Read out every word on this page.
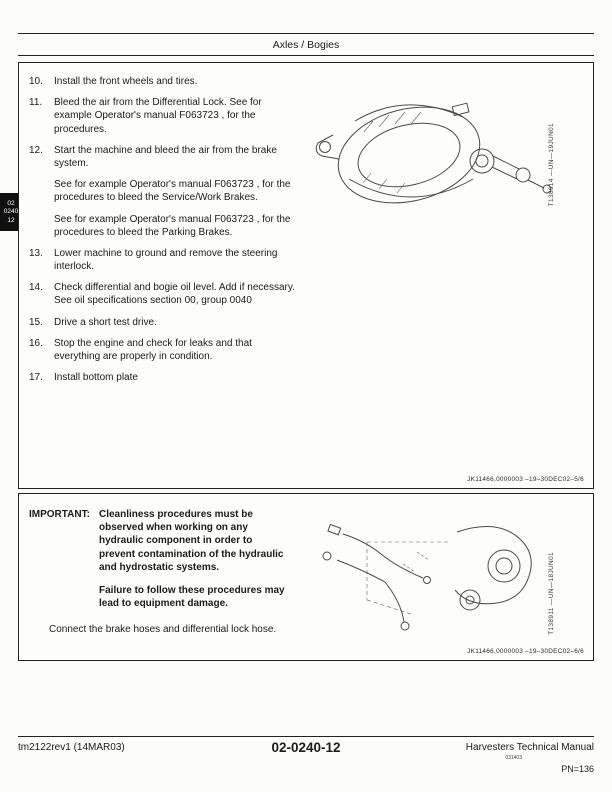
Axles / Bogies
02
0240
12
10.	Install the front wheels and tires.
11.	Bleed the air from the Differential Lock. See for example Operator's manual F063723 , for the procedures.
12.	Start the machine and bleed the air from the brake system.
See for example Operator's manual F063723 , for the procedures to bleed the Service/Work Brakes.
See for example Operator's manual F063723 , for the procedures to bleed the Parking Brakes.
13.	Lower machine to ground and remove the steering interlock.
14.	Check differential and bogie oil level. Add if necessary. See oil specifications section 00, group 0040
15.	Drive a short test drive.
16.	Stop the engine and check for leaks and that everything are properly in condition.
17.	Install bottom plate
T138914 —UN—19JUN01
JK11466,0000003 –19–30DEC02–5/6
IMPORTANT: Cleanliness procedures must be observed when working on any hydraulic component in order to prevent contamination of the hydraulic and hydrostatic systems.
Failure to follow these procedures may lead to equipment damage.
Connect the brake hoses and differential lock hose.	T138911 —UN—18JUN01
JK11466,0000003 –19–30DEC02–6/6
tm2122rev1 (14MAR03)	02-0240-12	Harvesters Technical Manual
031403
PN=136
